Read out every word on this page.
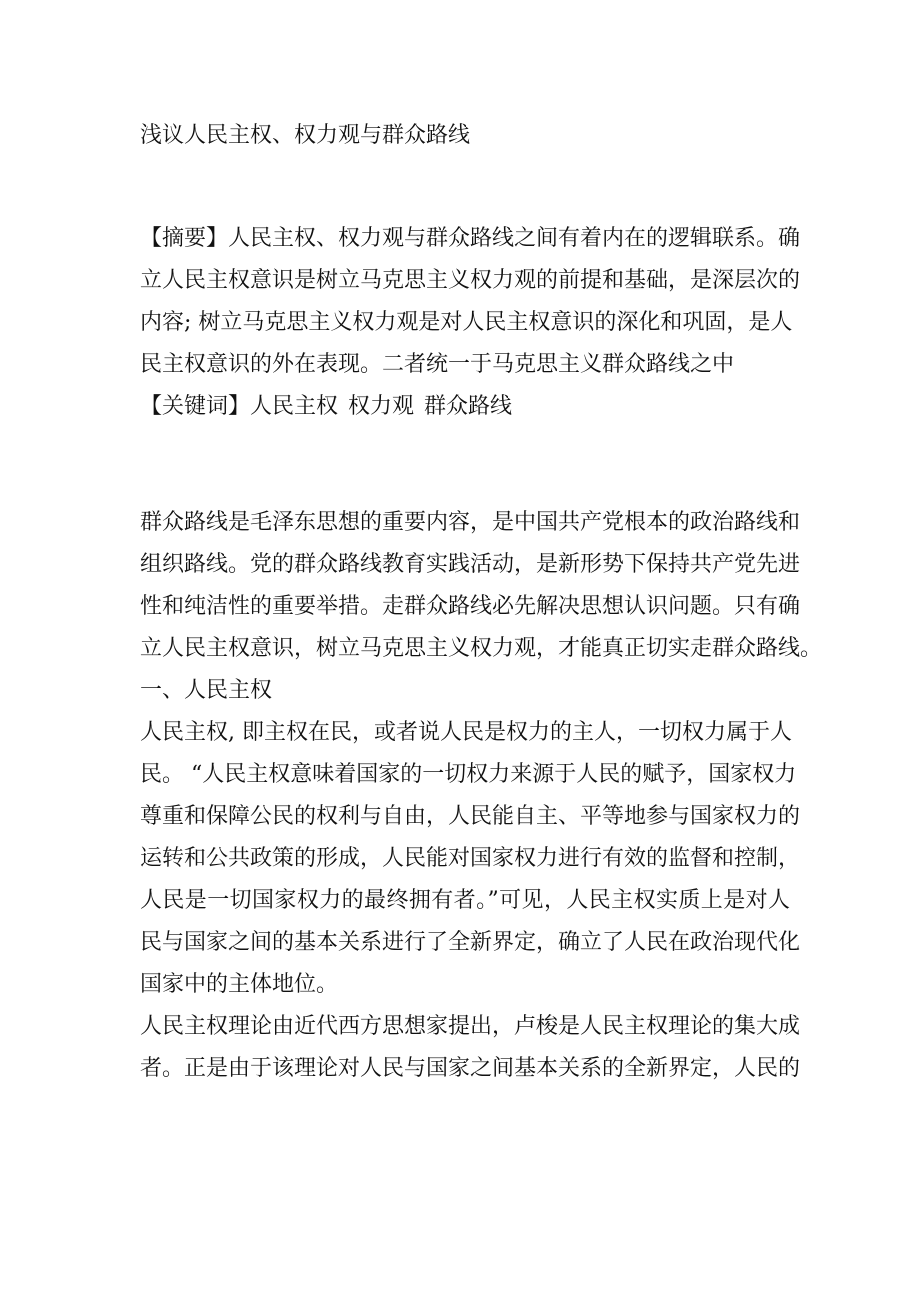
浅议人民主权、权力观与群众路线
【摘要】人民主权、权力观与群众路线之间有着内在的逻辑联系。确
立人民主权意识是树立马克思主义权力观的前提和基础，是深层次的
内容; 树立马克思主义权力观是对人民主权意识的深化和巩固，是人
民主权意识的外在表现。二者统一于马克思主义群众路线之中
【关键词】人民主权 权力观 群众路线
群众路线是毛泽东思想的重要内容，是中国共产党根本的政治路线和
组织路线。党的群众路线教育实践活动，是新形势下保持共产党先进
性和纯洁性的重要举措。走群众路线必先解决思想认识问题。只有确
立人民主权意识，树立马克思主义权力观，才能真正切实走群众路线。
一、人民主权
人民主权, 即主权在民，或者说人民是权力的主人，一切权力属于人
民。 “人民主权意味着国家的一切权力来源于人民的赋予，国家权力
尊重和保障公民的权利与自由，人民能自主、平等地参与国家权力的
运转和公共政策的形成，人民能对国家权力进行有效的监督和控制，
人民是一切国家权力的最终拥有者。”可见，人民主权实质上是对人
民与国家之间的基本关系进行了全新界定，确立了人民在政治现代化
国家中的主体地位。
人民主权理论由近代西方思想家提出，卢梭是人民主权理论的集大成
者。正是由于该理论对人民与国家之间基本关系的全新界定，人民的
